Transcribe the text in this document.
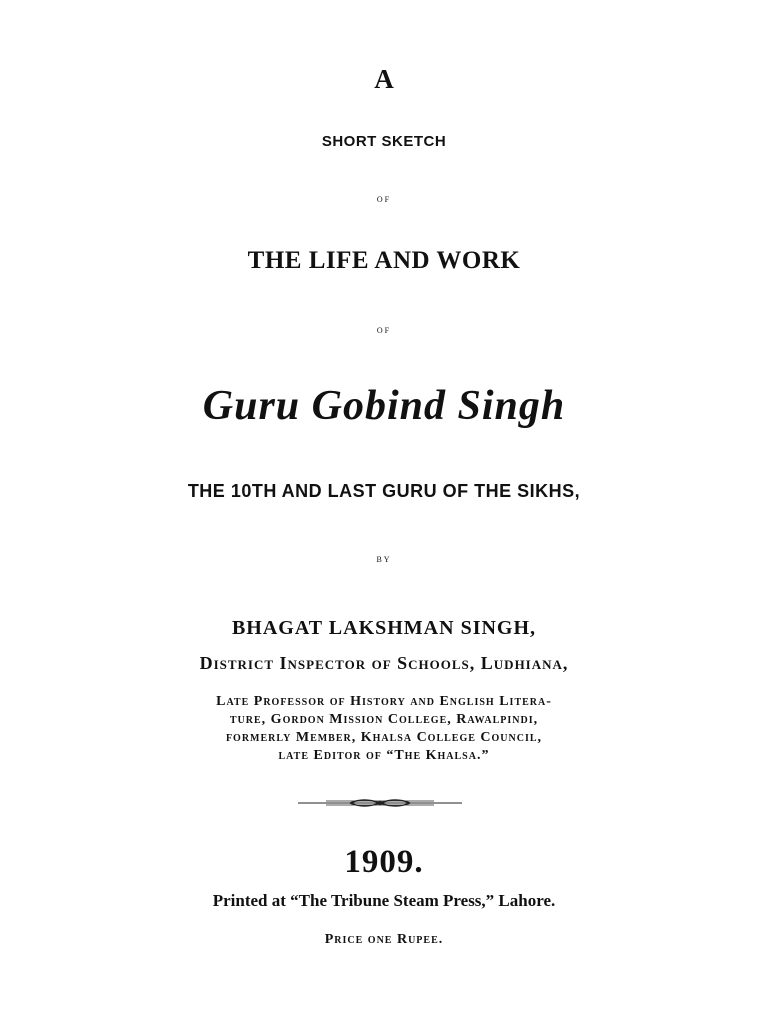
A
SHORT SKETCH
OF
THE LIFE AND WORK
OF
Guru Gobind Singh
THE 10TH AND LAST GURU OF THE SIKHS,
BY
BHAGAT LAKSHMAN SINGH,
District Inspector of Schools, Ludhiana,
Late Professor of History and English Litera-
ture, Gordon Mission College, Rawalpindi,
formerly Member, Khalsa College Council,
late Editor of “The Khalsa.”
1909.
Printed at “The Tribune Steam Press,” Lahore.
Price one Rupee.
